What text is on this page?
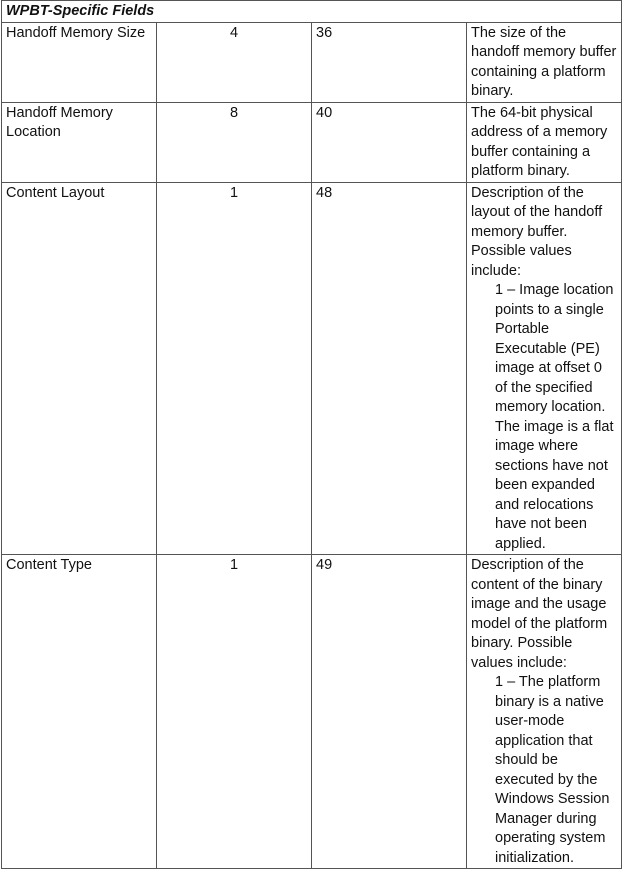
WPBT-Specific Fields			
Handoff Memory Size	4	36	The size of the handoff memory buffer containing a platform binary.

Handoff Memory Location	8	40	The 64-bit physical address of a memory buffer containing a platform binary.

Content Layout	1	48	Description of the layout of the handoff memory buffer. Possible values include:
1 – Image location points to a single Portable Executable (PE) image at offset 0 of the specified memory location. The image is a flat image where sections have not been expanded and relocations have not been applied.

Content Type	1	49	Description of the content of the binary image and the usage model of the platform binary. Possible values include:
1 – The platform binary is a native user-mode application that should be executed by the Windows Session Manager during operating system initialization.
